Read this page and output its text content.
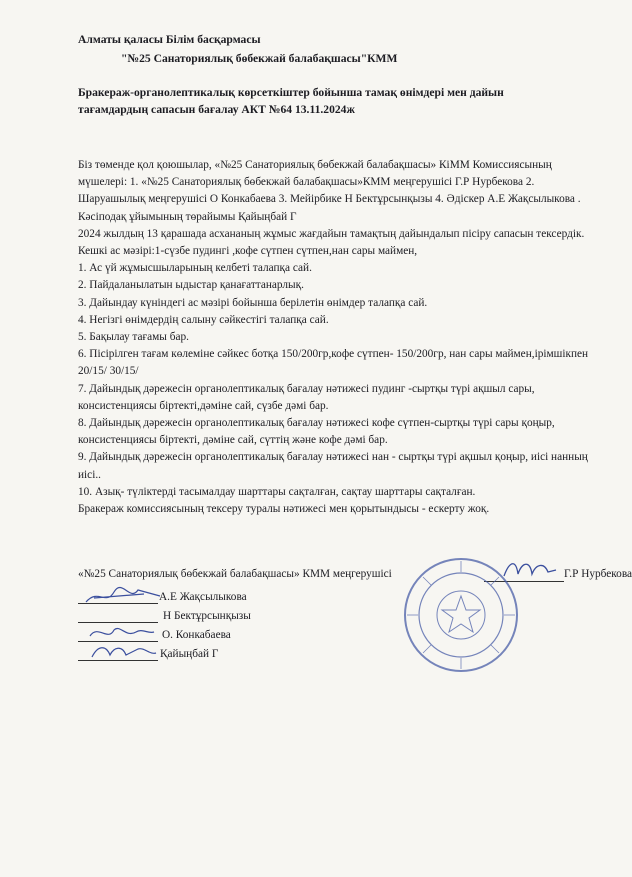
Алматы қаласы Білім басқармасы
"№25 Санаториялық бөбекжай балабақшасы"КММ
Бракераж-органолептикалық көрсеткіштер бойынша тамақ өнімдері мен дайын
тағамдардың сапасын бағалау АКТ №64 13.11.2024ж

Біз төменде қол қоюшылар, «№25 Санаториялық бөбекжай балабақшасы» КіММ Комиссиясының мүшелері: 1. «№25 Санаториялық бөбекжай балабақшасы»КММ меңгерушісі Г.Р Нурбекова 2. Шаруашылық меңгерушісі О Конкабаева 3. Мейірбике Н Бектұрсынқызы 4. Әдіскер А.Е Жақсылыкова . Кәсіподақ ұйымының төрайымы Қайыңбай Г

2024 жылдың 13 қарашада асхананың жұмыс жағдайын тамақтың дайындалып пісіру сапасын тексердік.

Кешкі ас мәзірі:1-сүзбе пудингі ,кофе сүтпен сүтпен,нан сары маймен,

1. Ас үй жұмысшыларының келбеті талапқа сай.

2. Пайдаланылатын ыдыстар қанағаттанарлық.

3. Дайындау күніндегі ас мәзірі бойынша берілетін өнімдер талапқа сай.

4. Негізгі өнімдердің салыну сәйкестігі талапқа сай.

5. Бақылау тағамы бар.

6. Пісірілген тағам көлеміне сәйкес ботқа 150/200гр,кофе сүтпен- 150/200гр, нан сары маймен,ірімшікпен 20/15/ 30/15/

7. Дайындық дәрежесін органолептикалық бағалау нәтижесі пудинг -сыртқы түрі ақшыл сары, консистенциясы біртекті,дәміне сай, сүзбе дәмі бар.

8. Дайындық дәрежесін органолептикалық бағалау нәтижесі кофе сүтпен-сыртқы түрі сары қоңыр, консистенциясы біртекті, дәміне сай, сүттің және кофе дәмі бар.

9. Дайындық дәрежесін органолептикалық бағалау нәтижесі нан - сыртқы түрі ақшыл қоңыр, иісі нанның иісі..

10. Азық- түліктерді тасымалдау шарттары сақталған, сақтау шарттары сақталған.

Бракераж комиссиясының тексеру туралы нәтижесі мен қорытындысы - ескерту жоқ.

«№25 Санаториялық бөбекжай балабақшасы» КММ меңгерушісі	Г.Р Нурбекова
А.Е Жақсылыкова
Н Бектұрсынқызы
О. Конкабаева
Қайыңбай Г
